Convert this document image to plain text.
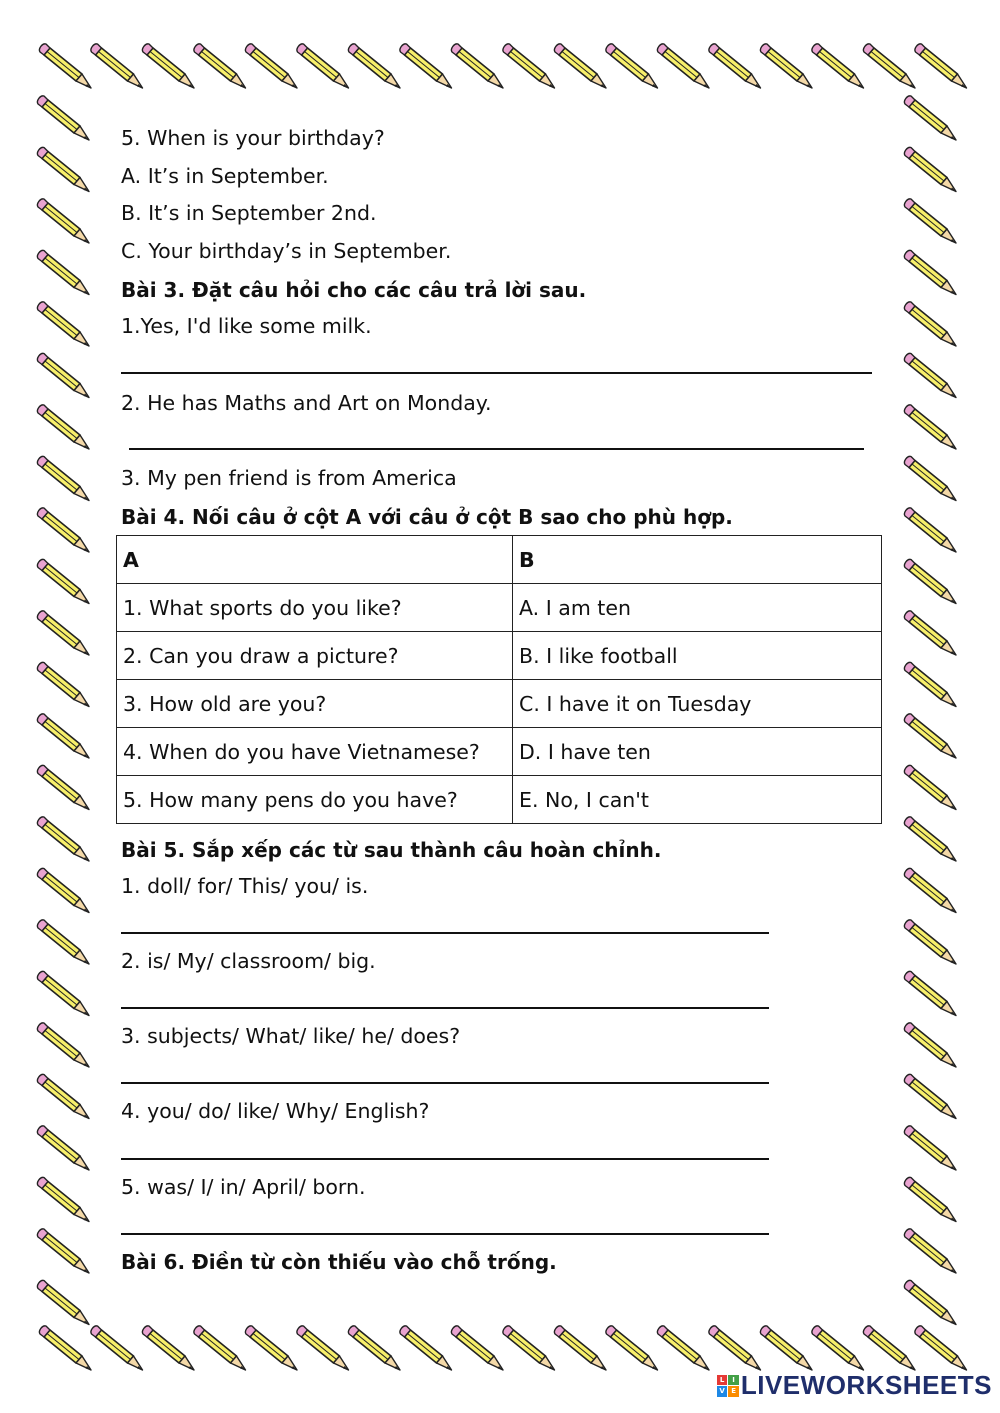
5. When is your birthday?
A. It’s in September.
B. It’s in September 2nd.
C. Your birthday’s in September.
Bài 3. Đặt câu hỏi cho các câu trả lời sau.
1.Yes, I'd like some milk.
2. He has Maths and Art on Monday.
3. My pen friend is from America
Bài 4. Nối câu ở cột A với câu ở cột B sao cho phù hợp.
A	B
1. What sports do you like?	A. I am ten
2. Can you draw a picture?	B. I like football
3. How old are you?	C. I have it on Tuesday
4. When do you have Vietnamese?	D. I have ten
5. How many pens do you have?	E. No, I can't
Bài 5. Sắp xếp các từ sau thành câu hoàn chỉnh.
1. doll/ for/ This/ you/ is.
2. is/ My/ classroom/ big.
3. subjects/ What/ like/ he/ does?
4. you/ do/ like/ Why/ English?
5. was/ I/ in/ April/ born.
Bài 6. Điền từ còn thiếu vào chỗ trống.
L	I
V E LIVEWORKSHEETS
